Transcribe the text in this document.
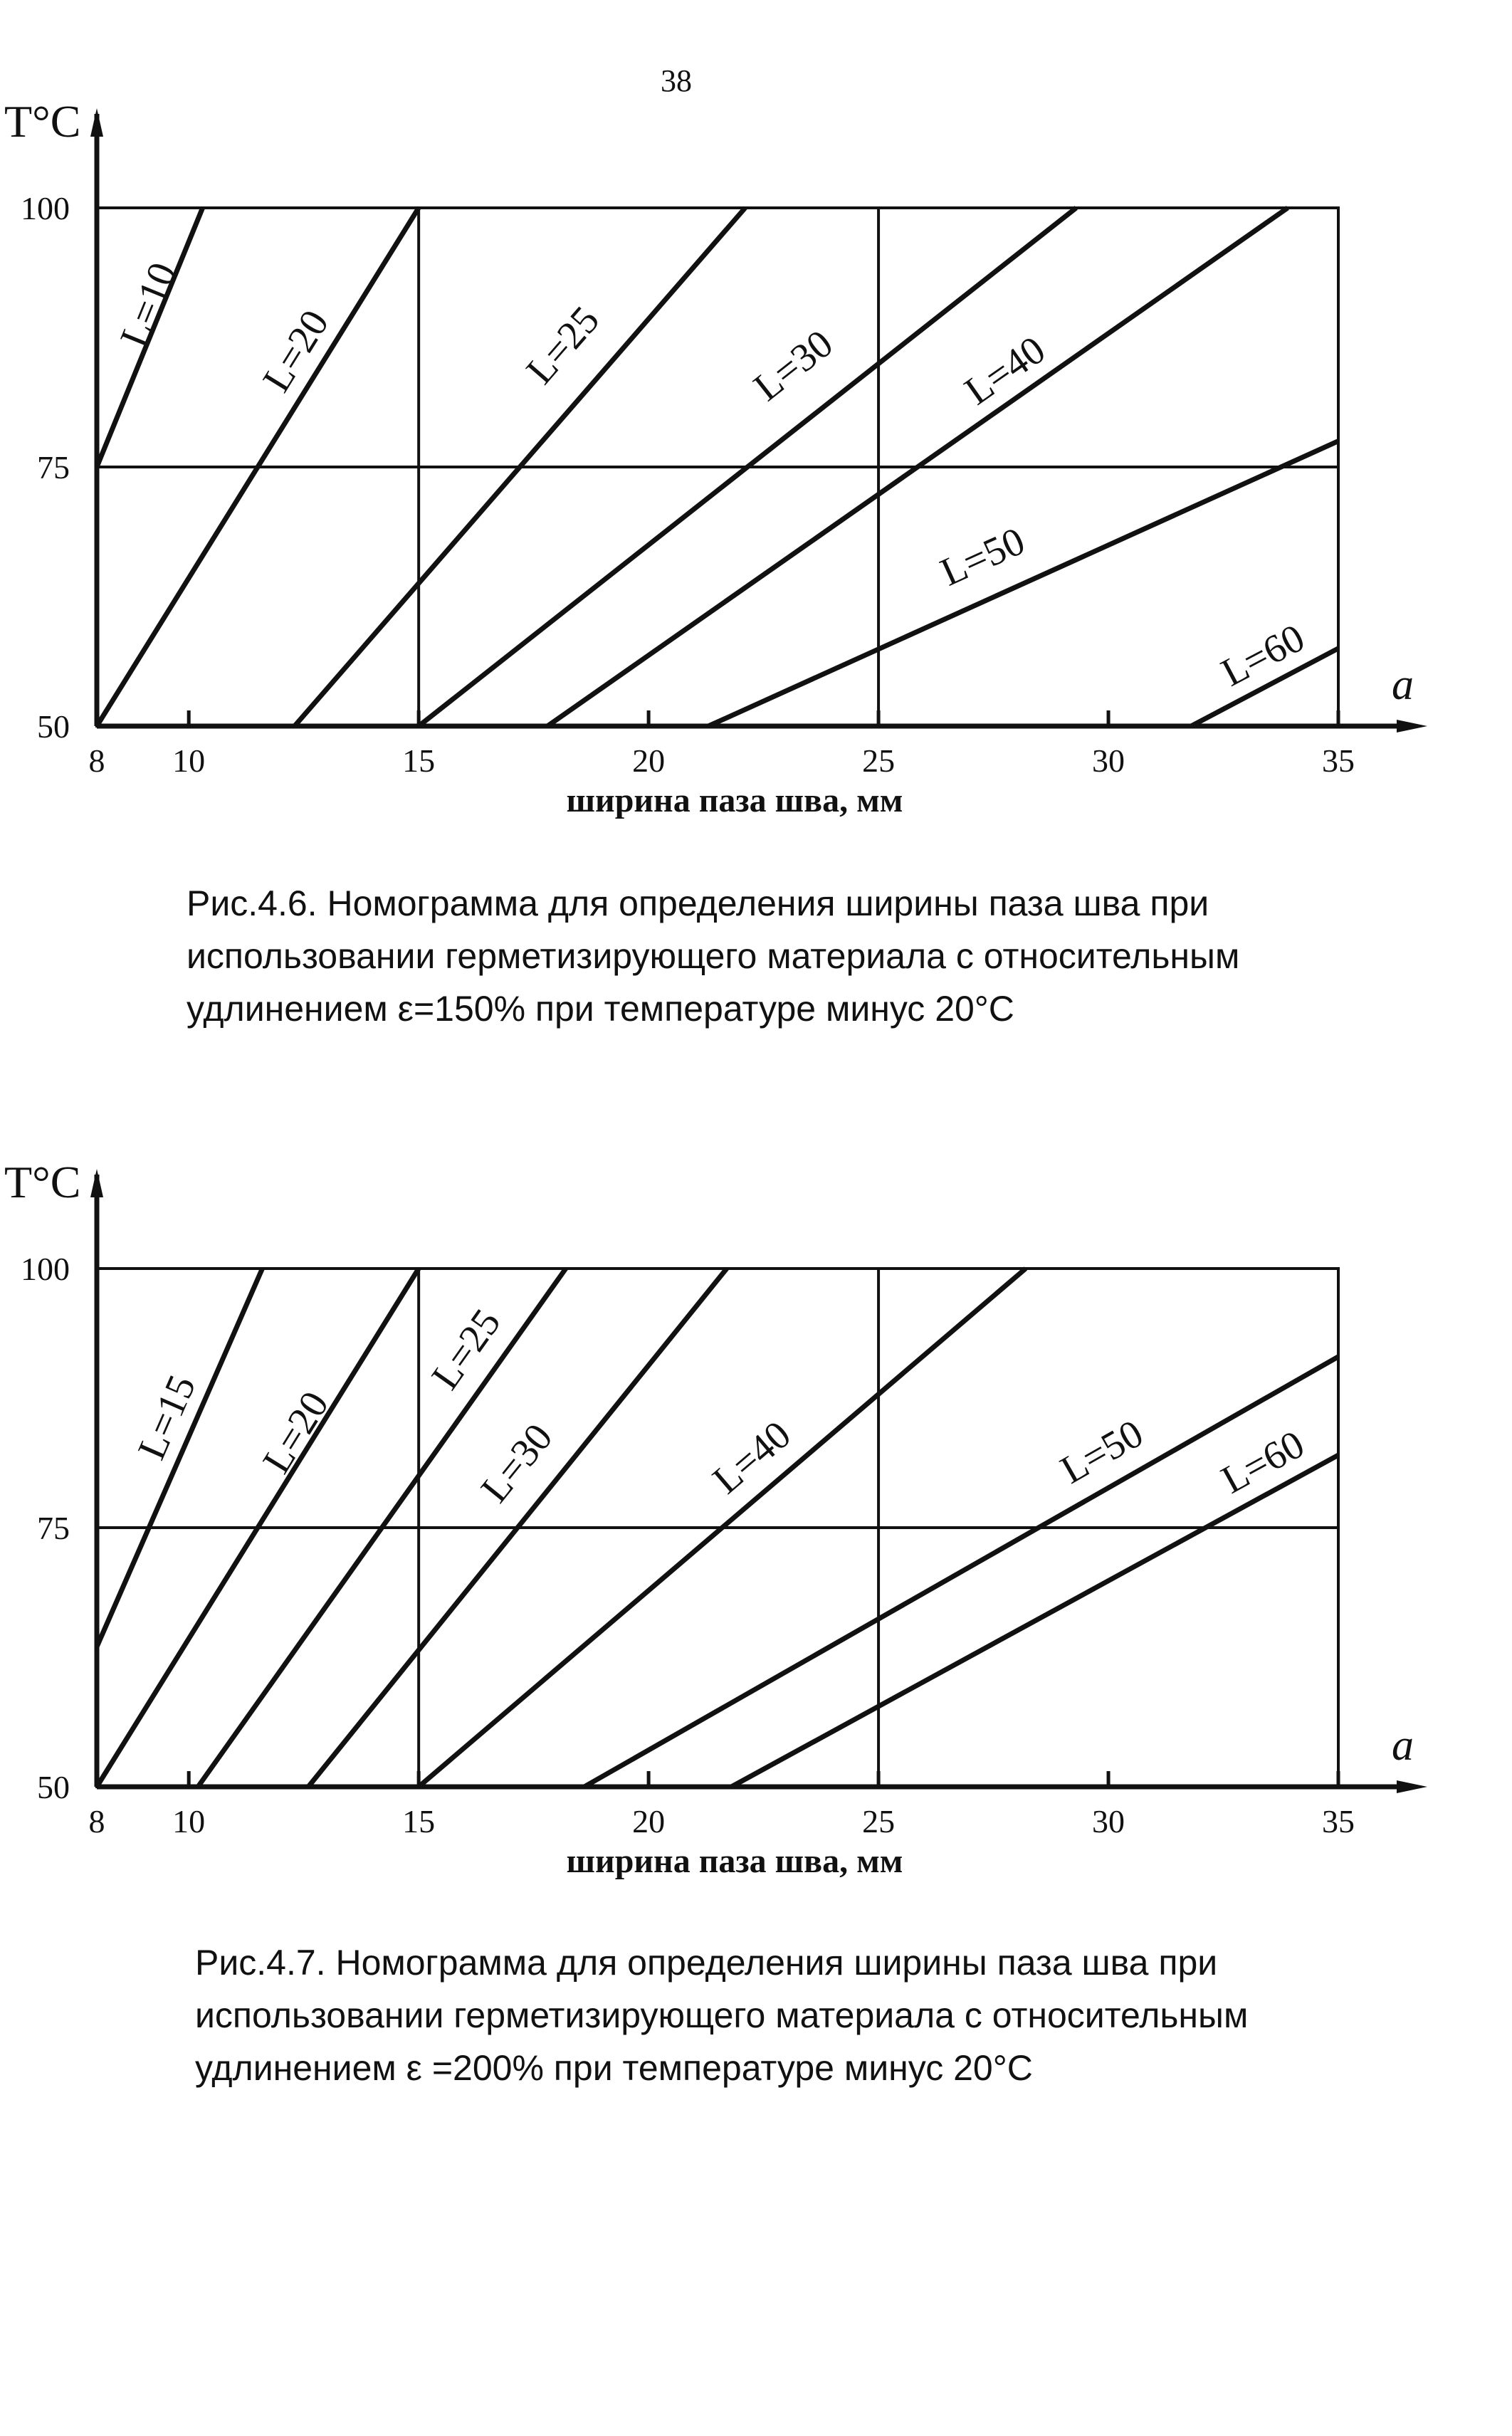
38
8 10	15	20	25	30	35
50
75
100
Т°С
a
ширина паза шва, мм
L=10 L=20	L=25	L=30	L=40
L=50
L=60
Рис.4.6. Номограмма для определения ширины паза шва при
использовании герметизирующего материала с относительным
удлинением ε=150% при температуре минус 20°С
8 10	15	20	25	30	35
50
75
100
Т°С
a
ширина паза шва, мм
L=15 L=20
L=25
L=30	L=40	L=50 L=60
Рис.4.7. Номограмма для определения ширины паза шва при
использовании герметизирующего материала с относительным
удлинением ε =200% при температуре минус 20°С
